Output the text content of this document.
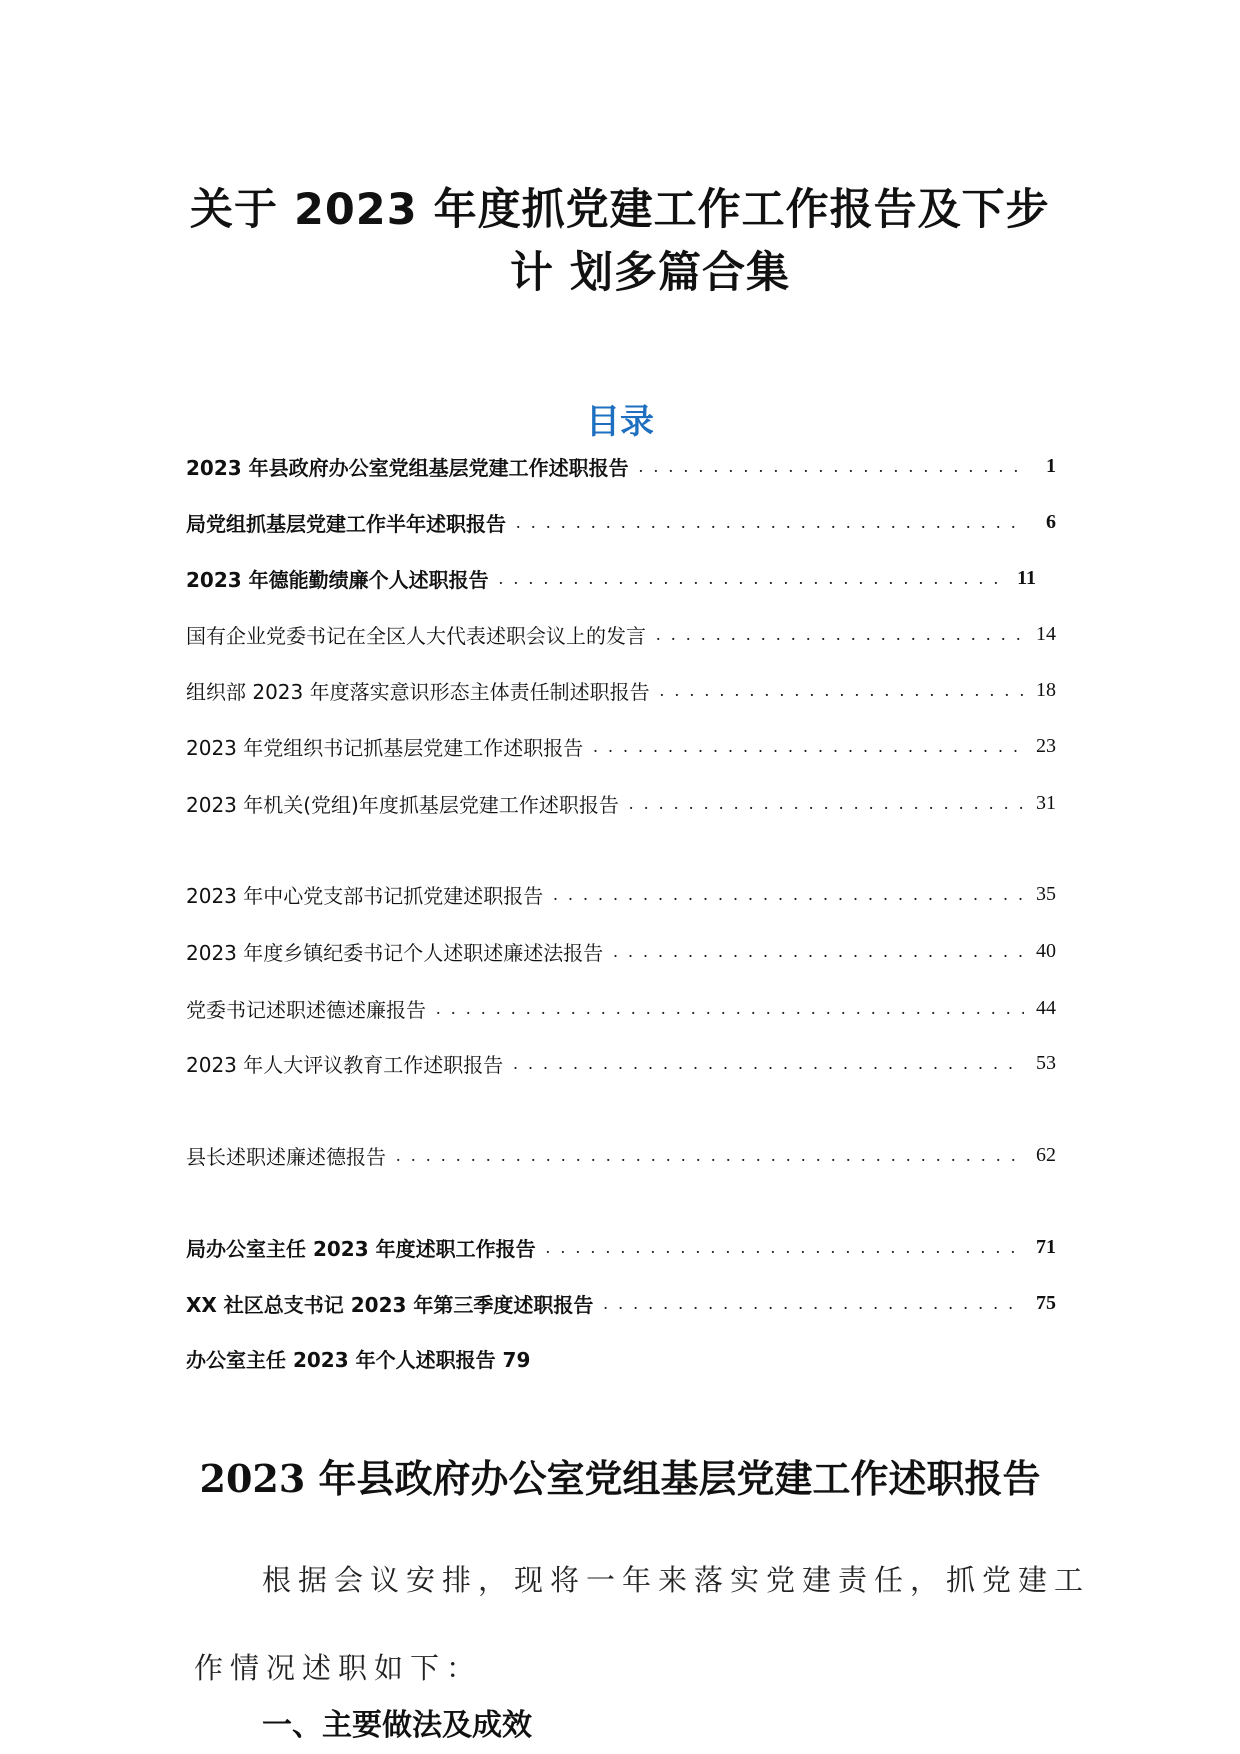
关于 2023 年度抓党建工作工作报告及下步
计 划多篇合集
目录
2023 年县政府办公室党组基层党建工作述职报告 . . .	1
局党组抓基层党建工作半年述职报告 . . .	6
2023 年德能勤绩廉个人述职报告 . . .	11
国有企业党委书记在全区人大代表述职会议上的发言 . . .	14
组织部 2023 年度落实意识形态主体责任制述职报告 . . .	18
2023 年党组织书记抓基层党建工作述职报告 . . .	23
2023 年机关(党组)年度抓基层党建工作述职报告 . . .	31
2023 年中心党支部书记抓党建述职报告 . . .	35
2023 年度乡镇纪委书记个人述职述廉述法报告 . . .	40
党委书记述职述德述廉报告 . . .	44
2023 年人大评议教育工作述职报告 . . .	53
县长述职述廉述德报告 . . .	62
局办公室主任 2023 年度述职工作报告 . . .	71
XX 社区总支书记 2023 年第三季度述职报告 . . .	75
办公室主任 2023 年个人述职报告 79
2023 年县政府办公室党组基层党建工作述职报告
根据会议安排，现将一年来落实党建责任，抓党建工
作情况述职如下：
一、主要做法及成效
